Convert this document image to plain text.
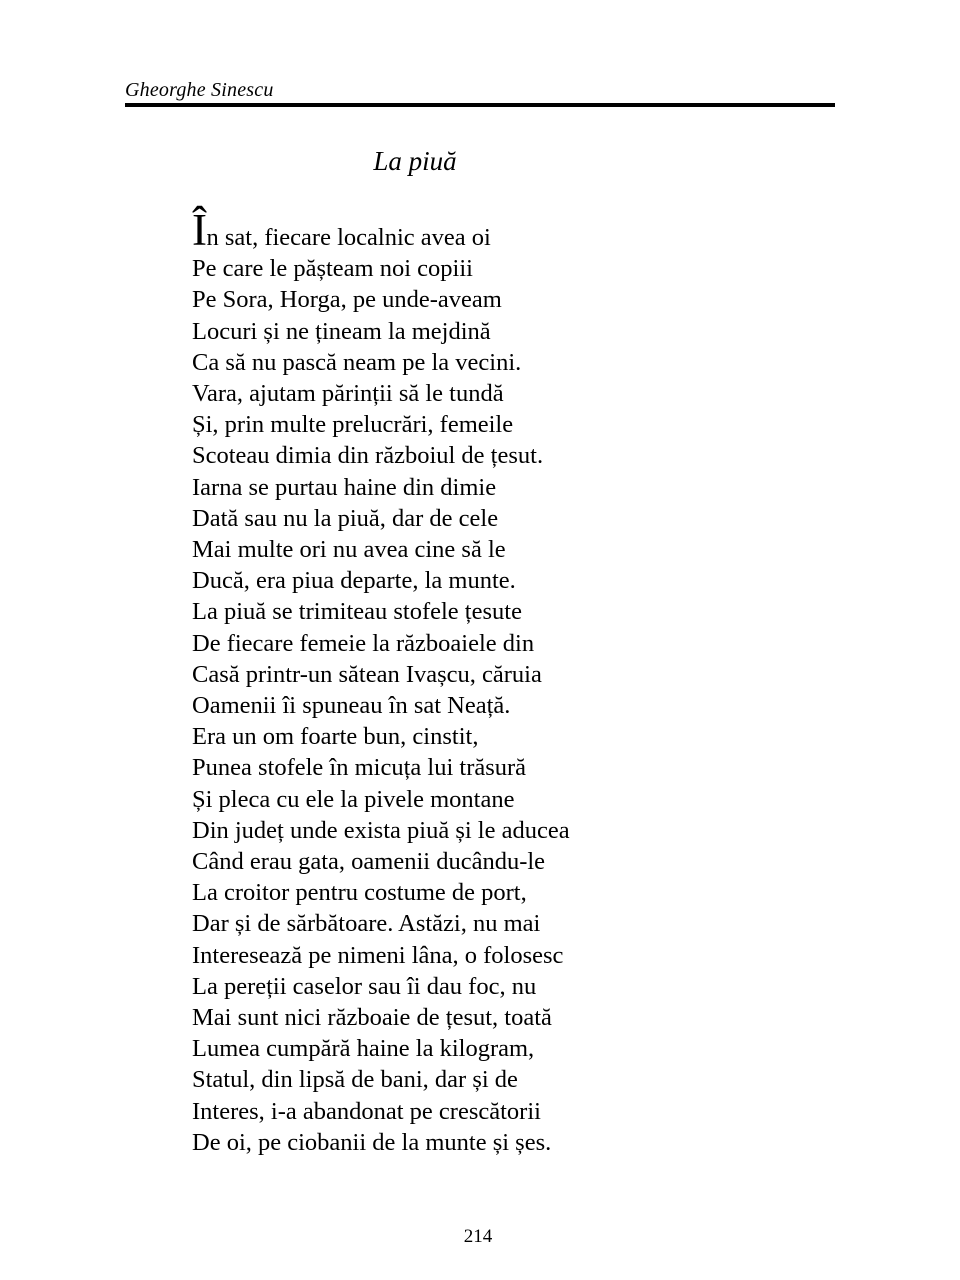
Gheorghe Sinescu
La piuă
În sat, fiecare localnic avea oi
Pe care le pășteam noi copiii
Pe Sora, Horga, pe unde-aveam
Locuri și ne țineam la mejdină
Ca să nu pască neam pe la vecini.
Vara, ajutam părinții să le tundă
Și, prin multe prelucrări, femeile
Scoteau dimia din războiul de țesut.
Iarna se purtau haine din dimie
Dată sau nu la piuă, dar de cele
Mai multe ori nu avea cine să le
Ducă, era piua departe, la munte.
La piuă se trimiteau stofele țesute
De fiecare femeie la războaiele din
Casă printr-un sătean Ivașcu, căruia
Oamenii îi spuneau în sat Neață.
Era un om foarte bun, cinstit,
Punea stofele în micuța lui trăsură
Și pleca cu ele la pivele montane
Din județ unde exista piuă și le aducea
Când erau gata, oamenii ducându-le
La croitor pentru costume de port,
Dar și de sărbătoare. Astăzi, nu mai
Interesează pe nimeni lâna, o folosesc
La pereții caselor sau îi dau foc, nu
Mai sunt nici războaie de țesut, toată
Lumea cumpără haine la kilogram,
Statul, din lipsă de bani, dar și de
Interes, i-a abandonat pe crescătorii
De oi, pe ciobanii de la munte și șes.
214
